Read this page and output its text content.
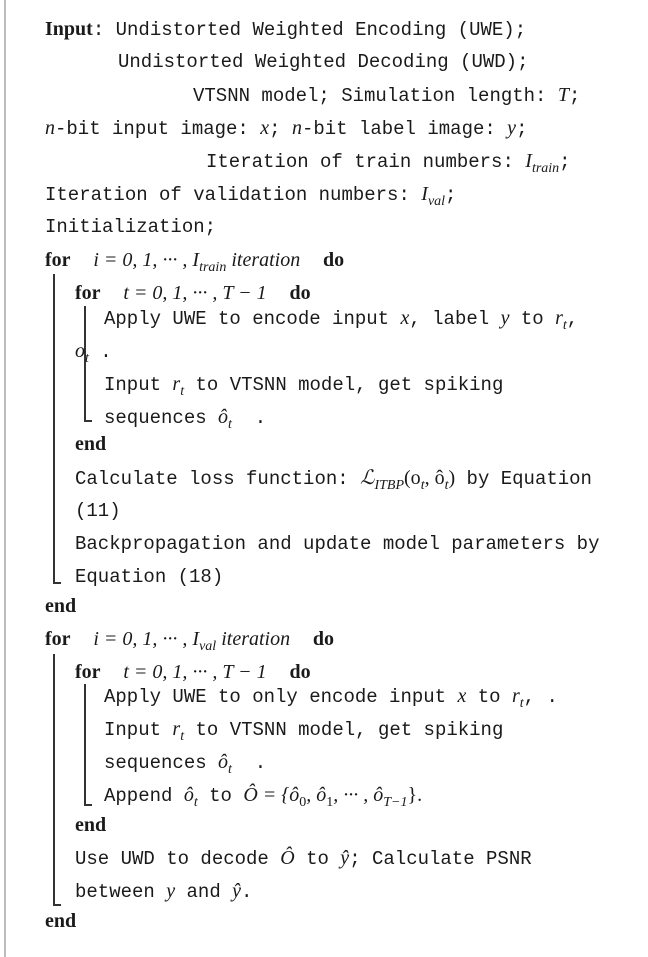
Input: Undistorted Weighted Encoding (UWE);
Undistorted Weighted Decoding (UWD);
VTSNN model; Simulation length: T;
n-bit input image: x; n-bit label image: y;
Iteration of train numbers: $I_{train}$;
Iteration of validation numbers: $I_{val}$;
Initialization;
for i = 0, 1, ··· , $I_{train}$ iteration do
for t = 0, 1, ··· , T − 1 do
Apply UWE to encode input x, label y to $r_t$,
$o_t$ .
Input $r_t$ to VTSNN model, get spiking
sequences $ô_t$  .
end
Calculate loss function: $ℒ_{ITBP}(o_t$, $ô_t$) by Equation
(11)
Backpropagation and update model parameters by
Equation (18)
end
for i = 0, 1, ··· , $I_{val}$ iteration do
for t = 0, 1, ··· , T − 1 do
Apply UWE to only encode input x to $r_t$, .
Input $r_t$ to VTSNN model, get spiking
sequences $ô_t$  .
Append $ô_t$ to Ô = {$ô_0$, $ô_1$, ··· , $ô_{T-1}$}.
end
Use UWD to decode Ô to ŷ; Calculate PSNR
between y and ŷ.
end
